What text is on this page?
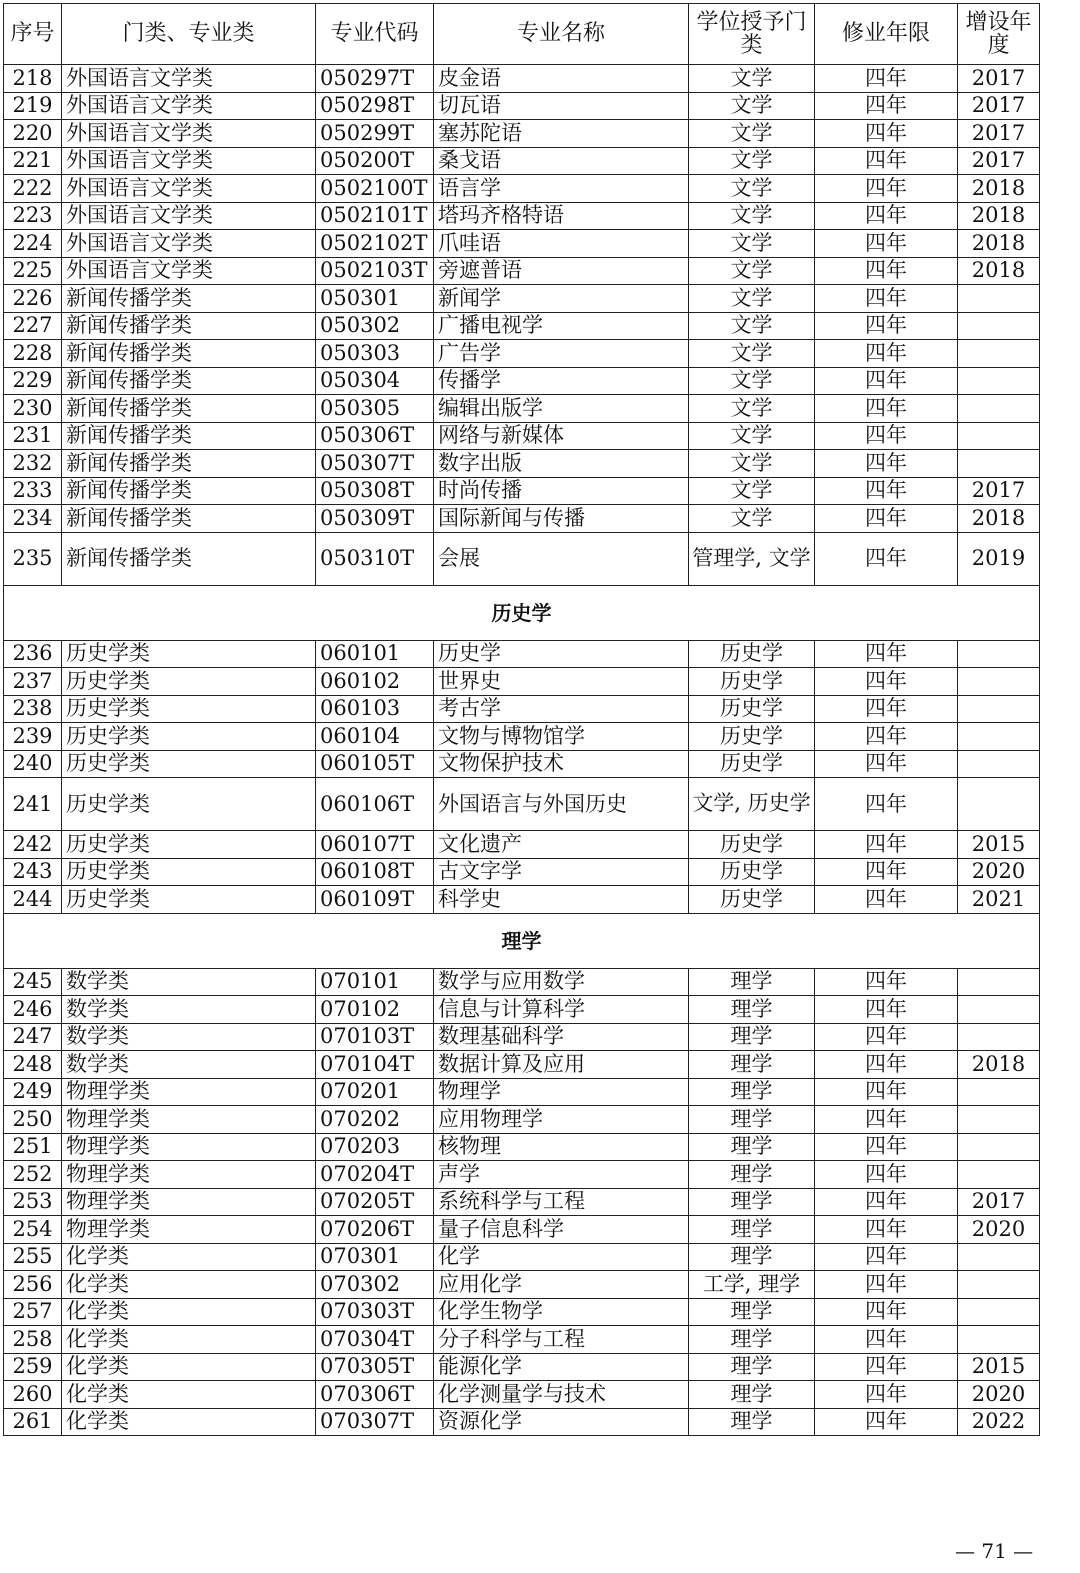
序号	门类、专业类	专业代码	专业名称	学位授予门类	修业年限	增设年度
218	外国语言文学类	050297T	皮金语	文学	四年	2017
219	外国语言文学类	050298T	切瓦语	文学	四年	2017
220	外国语言文学类	050299T	塞苏陀语	文学	四年	2017
221	外国语言文学类	050200T	桑戈语	文学	四年	2017
222	外国语言文学类	0502100T	语言学	文学	四年	2018
223	外国语言文学类	0502101T	塔玛齐格特语	文学	四年	2018
224	外国语言文学类	0502102T	爪哇语	文学	四年	2018
225	外国语言文学类	0502103T	旁遮普语	文学	四年	2018
226	新闻传播学类	050301	新闻学	文学	四年	
227	新闻传播学类	050302	广播电视学	文学	四年	
228	新闻传播学类	050303	广告学	文学	四年	
229	新闻传播学类	050304	传播学	文学	四年	
230	新闻传播学类	050305	编辑出版学	文学	四年	
231	新闻传播学类	050306T	网络与新媒体	文学	四年	
232	新闻传播学类	050307T	数字出版	文学	四年	
233	新闻传播学类	050308T	时尚传播	文学	四年	2017
234	新闻传播学类	050309T	国际新闻与传播	文学	四年	2018
235	新闻传播学类	050310T	会展	管理学, 文学	四年	2019
历史学						
236	历史学类	060101	历史学	历史学	四年	
237	历史学类	060102	世界史	历史学	四年	
238	历史学类	060103	考古学	历史学	四年	
239	历史学类	060104	文物与博物馆学	历史学	四年	
240	历史学类	060105T	文物保护技术	历史学	四年	
241	历史学类	060106T	外国语言与外国历史	文学, 历史学	四年	
242	历史学类	060107T	文化遗产	历史学	四年	2015
243	历史学类	060108T	古文字学	历史学	四年	2020
244	历史学类	060109T	科学史	历史学	四年	2021
理学						
245	数学类	070101	数学与应用数学	理学	四年	
246	数学类	070102	信息与计算科学	理学	四年	
247	数学类	070103T	数理基础科学	理学	四年	
248	数学类	070104T	数据计算及应用	理学	四年	2018
249	物理学类	070201	物理学	理学	四年	
250	物理学类	070202	应用物理学	理学	四年	
251	物理学类	070203	核物理	理学	四年	
252	物理学类	070204T	声学	理学	四年	
253	物理学类	070205T	系统科学与工程	理学	四年	2017
254	物理学类	070206T	量子信息科学	理学	四年	2020
255	化学类	070301	化学	理学	四年	
256	化学类	070302	应用化学	工学, 理学	四年	
257	化学类	070303T	化学生物学	理学	四年	
258	化学类	070304T	分子科学与工程	理学	四年	
259	化学类	070305T	能源化学	理学	四年	2015
260	化学类	070306T	化学测量学与技术	理学	四年	2020
261	化学类	070307T	资源化学	理学	四年	2022
— 71 —
